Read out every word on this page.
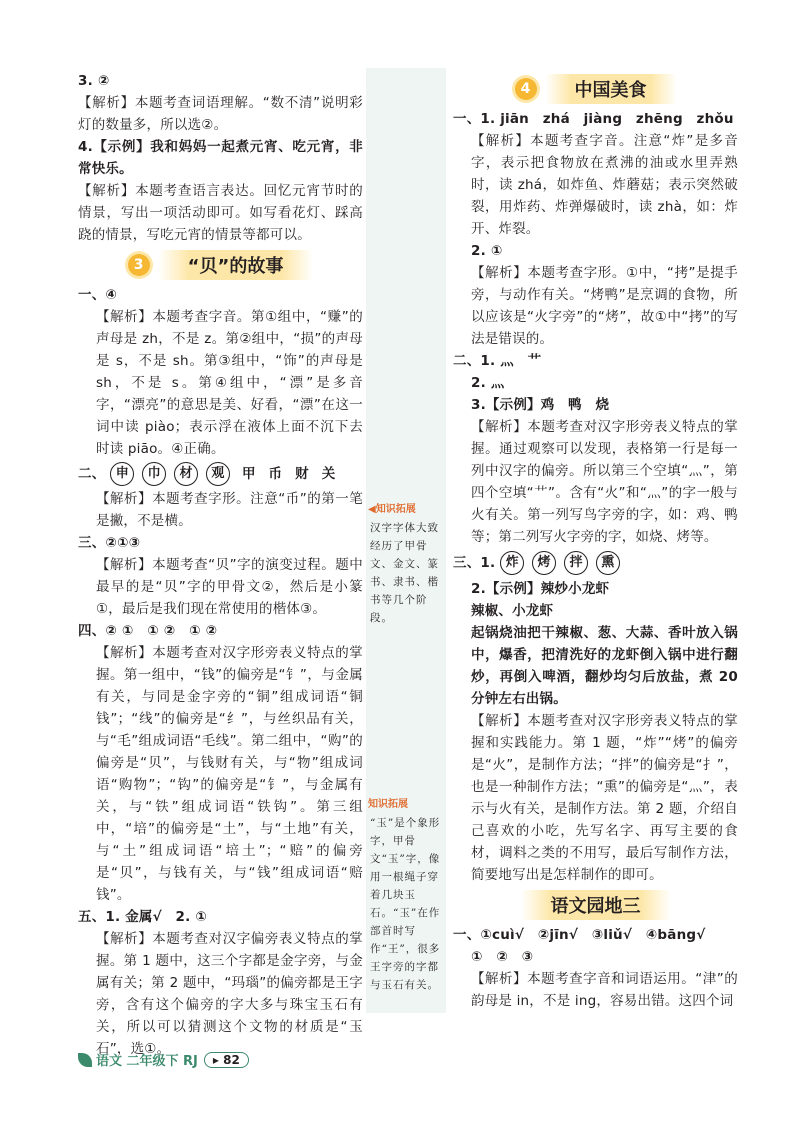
◀知识拓展

汉字字体大致经历了甲骨文、金文、篆书、隶书、楷书等几个阶段。

知识拓展

“玉”是个象形字，甲骨文“玉”字，像用一根绳子穿着几块玉石。“玉”在作部首时写作“王”，很多王字旁的字都与玉石有关。

3. ②

【解析】本题考查词语理解。“数不清”说明彩灯的数量多，所以选②。

4.【示例】我和妈妈一起煮元宵、吃元宵，非常快乐。

【解析】本题考查语言表达。回忆元宵节时的情景，写出一项活动即可。如写看花灯、踩高跷的情景，写吃元宵的情景等都可以。

3	“贝”的故事

一、④

【解析】本题考查字音。第①组中，“赚”的声母是 zh，不是 z。第②组中，“损”的声母是 s，不是 sh。第③组中，“饰”的声母是 sh，不是 s。第④组中，“漂”是多音字，“漂亮”的意思是美、好看，“漂”在这一词中读 piào；表示浮在液体上面不沉下去时读 piāo。④正确。

二、 申 巾 材 观 甲 币 财 关

【解析】本题考查字形。注意“币”的第一笔是撇，不是横。

三、②①③

【解析】本题考查“贝”字的演变过程。题中最早的是“贝”字的甲骨文②，然后是小篆①，最后是我们现在常使用的楷体③。

四、② ①　① ②　① ②

【解析】本题考查对汉字形旁表义特点的掌握。第一组中，“钱”的偏旁是“钅”，与金属有关，与同是金字旁的“铜”组成词语“铜钱”；“线”的偏旁是“纟”，与丝织品有关，与“毛”组成词语“毛线”。第二组中，“购”的偏旁是“贝”，与钱财有关，与“物”组成词语“购物”；“钩”的偏旁是“钅”，与金属有关，与“铁”组成词语“铁钩”。第三组中，“培”的偏旁是“土”，与“土地”有关，与“土”组成词语“培土”；“赔”的偏旁是“贝”，与钱有关，与“钱”组成词语“赔钱”。

五、1. 金属√　2. ①

【解析】本题考查对汉字偏旁表义特点的掌握。第 1 题中，这三个字都是金字旁，与金属有关；第 2 题中，“玛瑙”的偏旁都是王字旁，含有这个偏旁的字大多与珠宝玉石有关，所以可以猜测这个文物的材质是“玉石”，选①。

4	中国美食

一、1. jiān　zhá　jiàng　zhēng　zhǒu

【解析】本题考查字音。注意“炸”是多音字，表示把食物放在煮沸的油或水里弄熟时，读 zhá，如炸鱼、炸蘑菇；表示突然破裂，用炸药、炸弹爆破时，读 zhà，如：炸开、炸裂。

2. ①

【解析】本题考查字形。①中，“拷”是提手旁，与动作有关。“烤鸭”是烹调的食物，所以应该是“火字旁”的“烤”，故①中“拷”的写法是错误的。

二、1. 灬　艹

2. 灬

3.【示例】鸡　鸭　烧

【解析】本题考查对汉字形旁表义特点的掌握。通过观察可以发现，表格第一行是每一列中汉字的偏旁。所以第三个空填“灬”，第四个空填“艹”。含有“火”和“灬”的字一般与火有关。第一列写鸟字旁的字，如：鸡、鸭等；第二列写火字旁的字，如烧、烤等。

三、1. 炸 烤 拌 熏

2.【示例】辣炒小龙虾

辣椒、小龙虾

起锅烧油把干辣椒、葱、大蒜、香叶放入锅中，爆香，把清洗好的龙虾倒入锅中进行翻炒，再倒入啤酒，翻炒均匀后放盐，煮 20 分钟左右出锅。

【解析】本题考查对汉字形旁表义特点的掌握和实践能力。第 1 题，“炸”“烤”的偏旁是“火”，是制作方法；“拌”的偏旁是“扌”，也是一种制作方法；“熏”的偏旁是“灬”，表示与火有关，是制作方法。第 2 题，介绍自己喜欢的小吃，先写名字、再写主要的食材，调料之类的不用写，最后写制作方法，简要地写出是怎样制作的即可。

语文园地三

一、①cuì√　②jīn√　③liǔ√　④bāng√

①　②　③

【解析】本题考查字音和词语运用。“津”的韵母是 in，不是 ing，容易出错。这四个词

语文 二年级下 RJ	▸ 82
